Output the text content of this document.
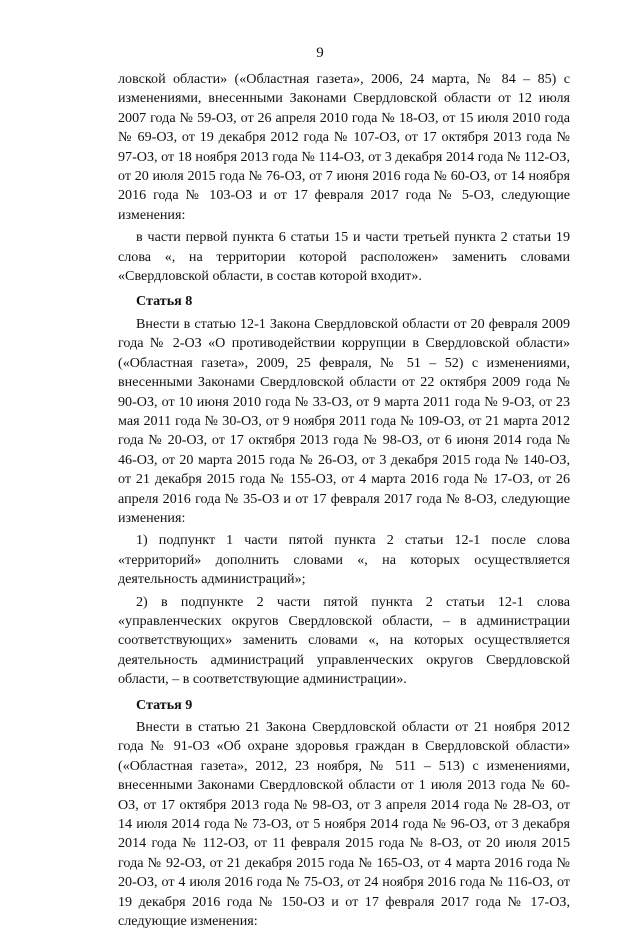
9

ловской области» («Областная газета», 2006, 24 марта, № 84 – 85) с изменениями, внесенными Законами Свердловской области от 12 июля 2007 года № 59-ОЗ, от 26 апреля 2010 года № 18-ОЗ, от 15 июля 2010 года № 69-ОЗ, от 19 декабря 2012 года № 107-ОЗ, от 17 октября 2013 года № 97-ОЗ, от 18 ноября 2013 года № 114-ОЗ, от 3 декабря 2014 года № 112-ОЗ, от 20 июля 2015 года № 76-ОЗ, от 7 июня 2016 года № 60-ОЗ, от 14 ноября 2016 года № 103-ОЗ и от 17 февраля 2017 года № 5-ОЗ, следующие изменения:

в части первой пункта 6 статьи 15 и части третьей пункта 2 статьи 19 слова «, на территории которой расположен» заменить словами «Свердловской области, в состав которой входит».

Статья 8

Внести в статью 12-1 Закона Свердловской области от 20 февраля 2009 года № 2-ОЗ «О противодействии коррупции в Свердловской области» («Областная газета», 2009, 25 февраля, № 51 – 52) с изменениями, внесенными Законами Свердловской области от 22 октября 2009 года № 90-ОЗ, от 10 июня 2010 года № 33-ОЗ, от 9 марта 2011 года № 9-ОЗ, от 23 мая 2011 года № 30-ОЗ, от 9 ноября 2011 года № 109-ОЗ, от 21 марта 2012 года № 20-ОЗ, от 17 октября 2013 года № 98-ОЗ, от 6 июня 2014 года № 46-ОЗ, от 20 марта 2015 года № 26-ОЗ, от 3 декабря 2015 года № 140-ОЗ, от 21 декабря 2015 года № 155-ОЗ, от 4 марта 2016 года № 17-ОЗ, от 26 апреля 2016 года № 35-ОЗ и от 17 февраля 2017 года № 8-ОЗ, следующие изменения:

1) подпункт 1 части пятой пункта 2 статьи 12-1 после слова «территорий» дополнить словами «, на которых осуществляется деятельность администраций»;

2) в подпункте 2 части пятой пункта 2 статьи 12-1 слова «управленческих округов Свердловской области, – в администрации соответствующих» заменить словами «, на которых осуществляется деятельность администраций управленческих округов Свердловской области, – в соответствующие администрации».

Статья 9

Внести в статью 21 Закона Свердловской области от 21 ноября 2012 года № 91-ОЗ «Об охране здоровья граждан в Свердловской области» («Областная газета», 2012, 23 ноября, № 511 – 513) с изменениями, внесенными Законами Свердловской области от 1 июля 2013 года № 60-ОЗ, от 17 октября 2013 года № 98-ОЗ, от 3 апреля 2014 года № 28-ОЗ, от 14 июля 2014 года № 73-ОЗ, от 5 ноября 2014 года № 96-ОЗ, от 3 декабря 2014 года № 112-ОЗ, от 11 февраля 2015 года № 8-ОЗ, от 20 июля 2015 года № 92-ОЗ, от 21 декабря 2015 года № 165-ОЗ, от 4 марта 2016 года № 20-ОЗ, от 4 июля 2016 года № 75-ОЗ, от 24 ноября 2016 года № 116-ОЗ, от 19 декабря 2016 года № 150-ОЗ и от 17 февраля 2017 года № 17-ОЗ, следующие изменения:
